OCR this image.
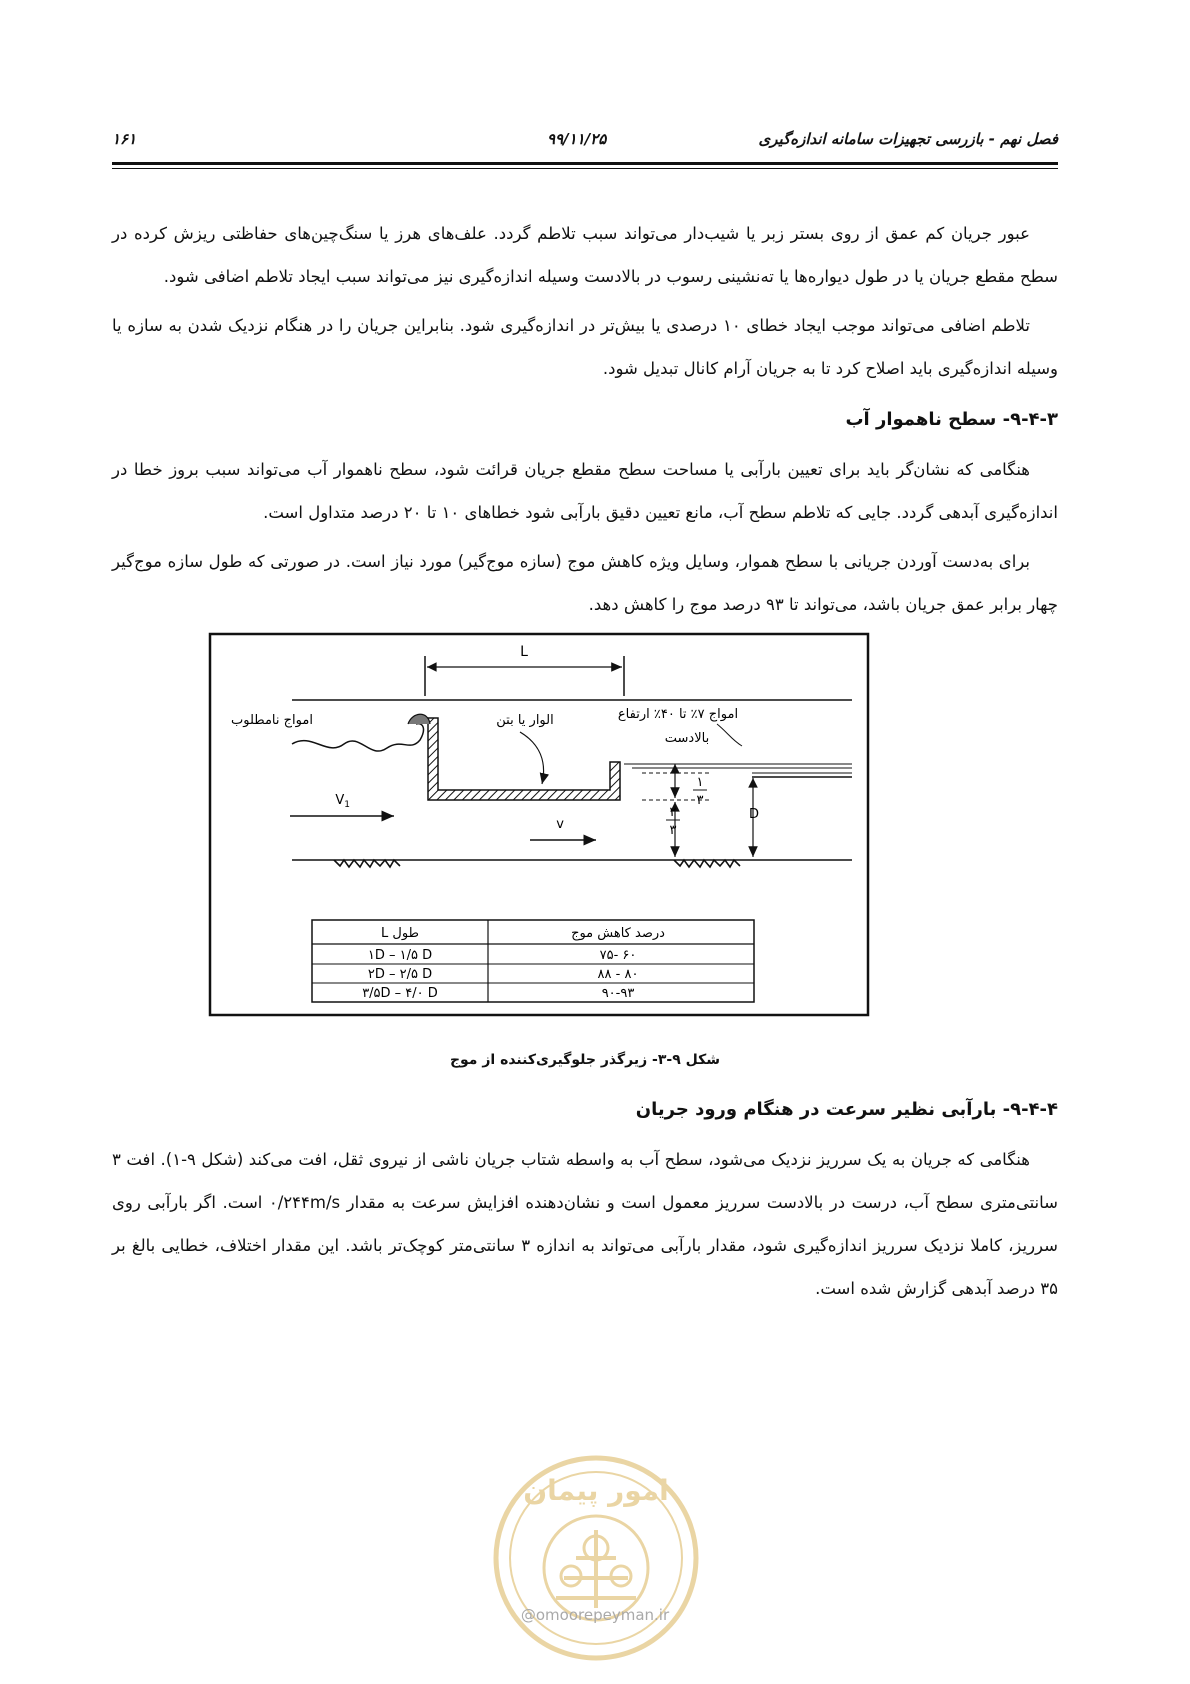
فصل نهم - بازرسی تجهیزات سامانه اندازه‌گیری
۹۹/۱۱/۲۵
۱۶۱

عبور جریان کم عمق از روی بستر زبر یا شیب‌دار می‌تواند سبب تلاطم گردد. علف‌های هرز یا سنگ‌چین‌های حفاظتی ریزش کرده در سطح مقطع جریان یا در طول دیواره‌ها یا ته‌نشینی رسوب در بالادست وسیله اندازه‌گیری نیز می‌تواند سبب ایجاد تلاطم اضافی شود.

تلاطم اضافی می‌تواند موجب ایجاد خطای ۱۰ درصدی یا بیش‌تر در اندازه‌گیری شود. بنابراین جریان را در هنگام نزدیک شدن به سازه یا وسیله اندازه‌گیری باید اصلاح کرد تا به جریان آرام کانال تبدیل شود.

۹-۴-۳- سطح ناهموار آب

هنگامی که نشان‌گر باید برای تعیین بارآبی یا مساحت سطح مقطع جریان قرائت شود، سطح ناهموار آب می‌تواند سبب بروز خطا در اندازه‌گیری آبدهی گردد. جایی که تلاطم سطح آب، مانع تعیین دقیق بارآبی شود خطاهای ۱۰ تا ۲۰ درصد متداول است.

برای به‌دست آوردن جریانی با سطح هموار، وسایل ویژه کاهش موج (سازه موج‌گیر) مورد نیاز است. در صورتی که طول سازه موج‌گیر چهار برابر عمق جریان باشد، می‌تواند تا ۹۳ درصد موج را کاهش دهد.

L
امواج نامطلوب	الوار یا بتن	امواج ۷٪ تا ۴۰٪ ارتفاع
بالادست
۱
۳
۲
۳
D
$V_1$
v
طول L	درصد کاهش موج
۱D – ۱/۵ D	۶۰ -۷۵
۲D – ۲/۵ D	۸۰ - ۸۸
۳/۵D – ۴/۰ D	۹۰-۹۳
شکل ۹-۳- زیرگذر جلوگیری‌کننده از موج
۹-۴-۴- بارآبی نظیر سرعت در هنگام ورود جریان

هنگامی که جریان به یک سرریز نزدیک می‌شود، سطح آب به واسطه شتاب جریان ناشی از نیروی ثقل، افت می‌کند (شکل ۹-۱). افت ۳ سانتی‌متری سطح آب، درست در بالادست سرریز معمول است و نشان‌دهنده افزایش سرعت به مقدار ۰/۲۴۴m/s است. اگر بارآبی روی سرریز، کاملا نزدیک سرریز اندازه‌گیری شود، مقدار بارآبی می‌تواند به اندازه ۳ سانتی‌متر کوچک‌تر باشد. این مقدار اختلاف، خطایی بالغ بر ۳۵ درصد آبدهی گزارش شده است.

امور پیمان
@omoorepeyman.ir
